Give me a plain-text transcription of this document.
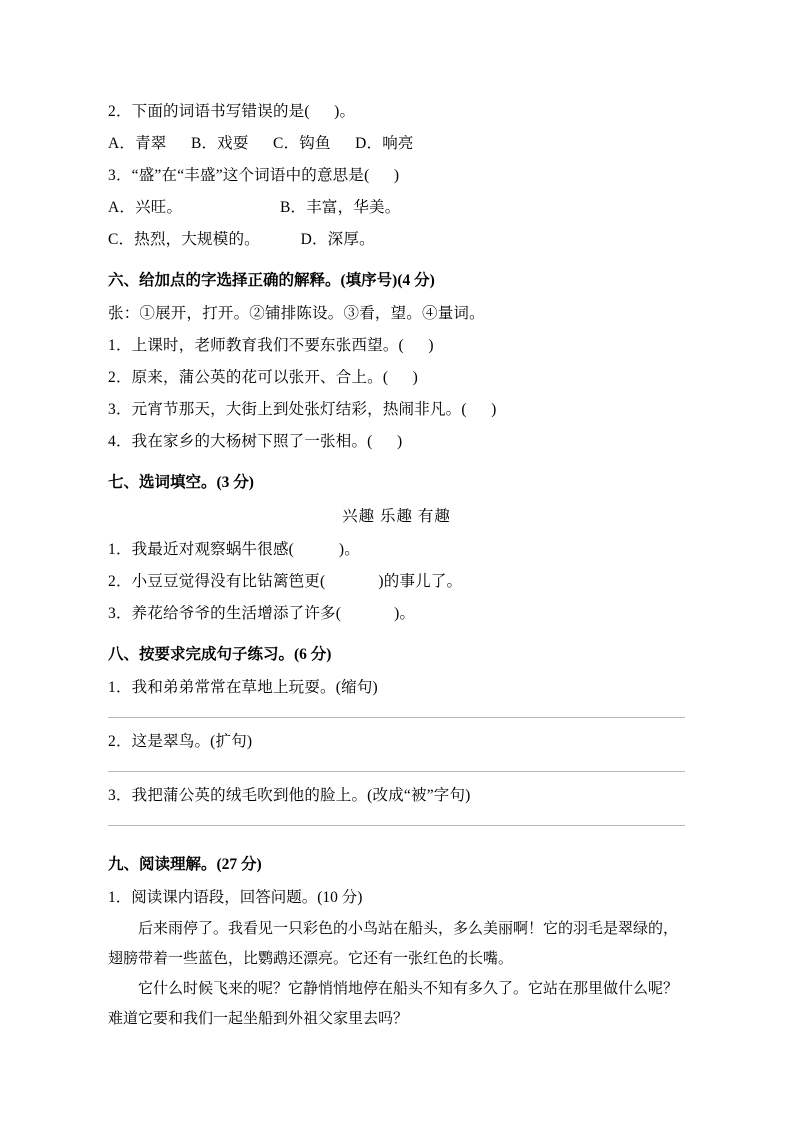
2．下面的词语书写错误的是(      )。
A．青翠      B．戏耍      C．钩鱼      D．响亮
3．“盛”在“丰盛”这个词语中的意思是(      )
A．兴旺。                        B．丰富，华美。
C．热烈，大规模的。          D．深厚。
六、给加点的字选择正确的解释。(填序号)(4 分)
张：①展开，打开。②铺排陈设。③看，望。④量词。
1．上课时，老师教育我们不要东张西望。(      )
2．原来，蒲公英的花可以张开、合上。(      )
3．元宵节那天，大街上到处张灯结彩，热闹非凡。(      )
4．我在家乡的大杨树下照了一张相。(      )
七、选词填空。(3 分)
兴趣 乐趣 有趣
1．我最近对观察蜗牛很感(           )。
2．小豆豆觉得没有比钻篱笆更(             )的事儿了。
3．养花给爷爷的生活增添了许多(             )。
八、按要求完成句子练习。(6 分)
1．我和弟弟常常在草地上玩耍。(缩句)
2．这是翠鸟。(扩句)
3．我把蒲公英的绒毛吹到他的脸上。(改成“被”字句)
九、阅读理解。(27 分)
1．阅读课内语段，回答问题。(10 分)
后来雨停了。我看见一只彩色的小鸟站在船头，多么美丽啊！它的羽毛是翠绿的，翅膀带着一些蓝色，比鹦鹉还漂亮。它还有一张红色的长嘴。
它什么时候飞来的呢？它静悄悄地停在船头不知有多久了。它站在那里做什么呢？难道它要和我们一起坐船到外祖父家里去吗？
